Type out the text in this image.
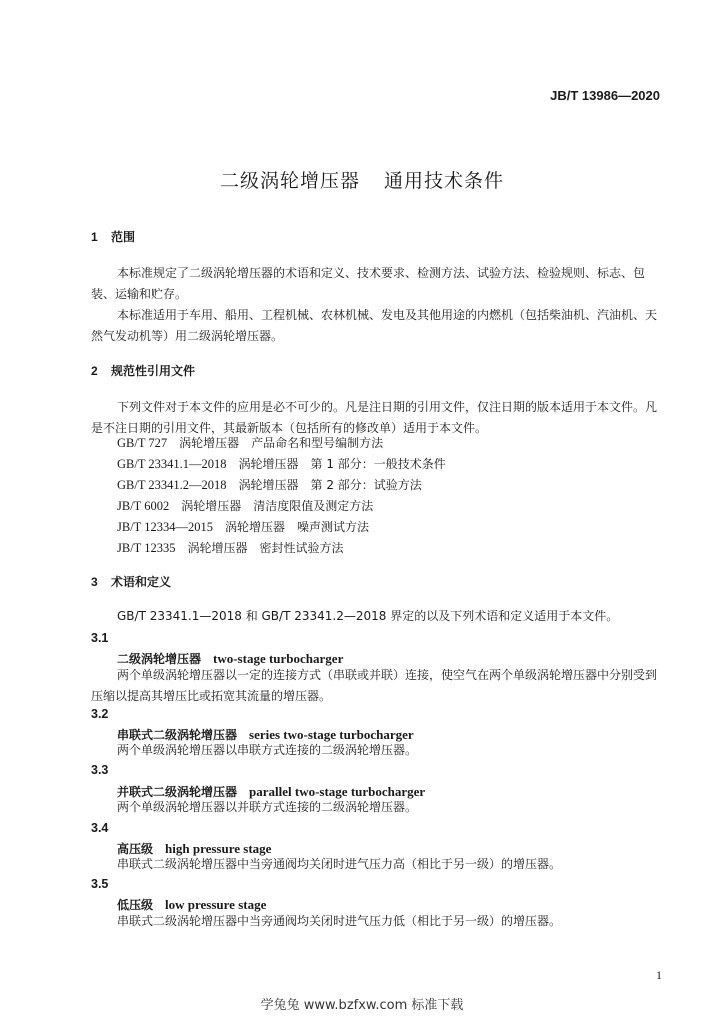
JB/T 13986—2020
二级涡轮增压器 通用技术条件
1 范围

本标准规定了二级涡轮增压器的术语和定义、技术要求、检测方法、试验方法、检验规则、标志、包装、运输和贮存。

本标准适用于车用、船用、工程机械、农林机械、发电及其他用途的内燃机（包括柴油机、汽油机、天然气发动机等）用二级涡轮增压器。

2 规范性引用文件

下列文件对于本文件的应用是必不可少的。凡是注日期的引用文件，仅注日期的版本适用于本文件。凡是不注日期的引用文件，其最新版本（包括所有的修改单）适用于本文件。

GB/T 727 涡轮增压器　产品命名和型号编制方法
GB/T 23341.1—2018 涡轮增压器　第 1 部分：一般技术条件
GB/T 23341.2—2018 涡轮增压器　第 2 部分：试验方法
JB/T 6002 涡轮增压器　清洁度限值及测定方法
JB/T 12334—2015 涡轮增压器　噪声测试方法
JB/T 12335 涡轮增压器　密封性试验方法
3 术语和定义

GB/T 23341.1—2018 和 GB/T 23341.2—2018 界定的以及下列术语和定义适用于本文件。

3.1
二级涡轮增压器 two-stage turbocharger

两个单级涡轮增压器以一定的连接方式（串联或并联）连接，使空气在两个单级涡轮增压器中分别受到压缩以提高其增压比或拓宽其流量的增压器。

3.2
串联式二级涡轮增压器 series two-stage turbocharger

两个单级涡轮增压器以串联方式连接的二级涡轮增压器。

3.3
并联式二级涡轮增压器 parallel two-stage turbocharger

两个单级涡轮增压器以并联方式连接的二级涡轮增压器。

3.4
高压级 high pressure stage

串联式二级涡轮增压器中当旁通阀均关闭时进气压力高（相比于另一级）的增压器。

3.5
低压级 low pressure stage

串联式二级涡轮增压器中当旁通阀均关闭时进气压力低（相比于另一级）的增压器。

1
学兔兔 www.bzfxw.com 标准下载
